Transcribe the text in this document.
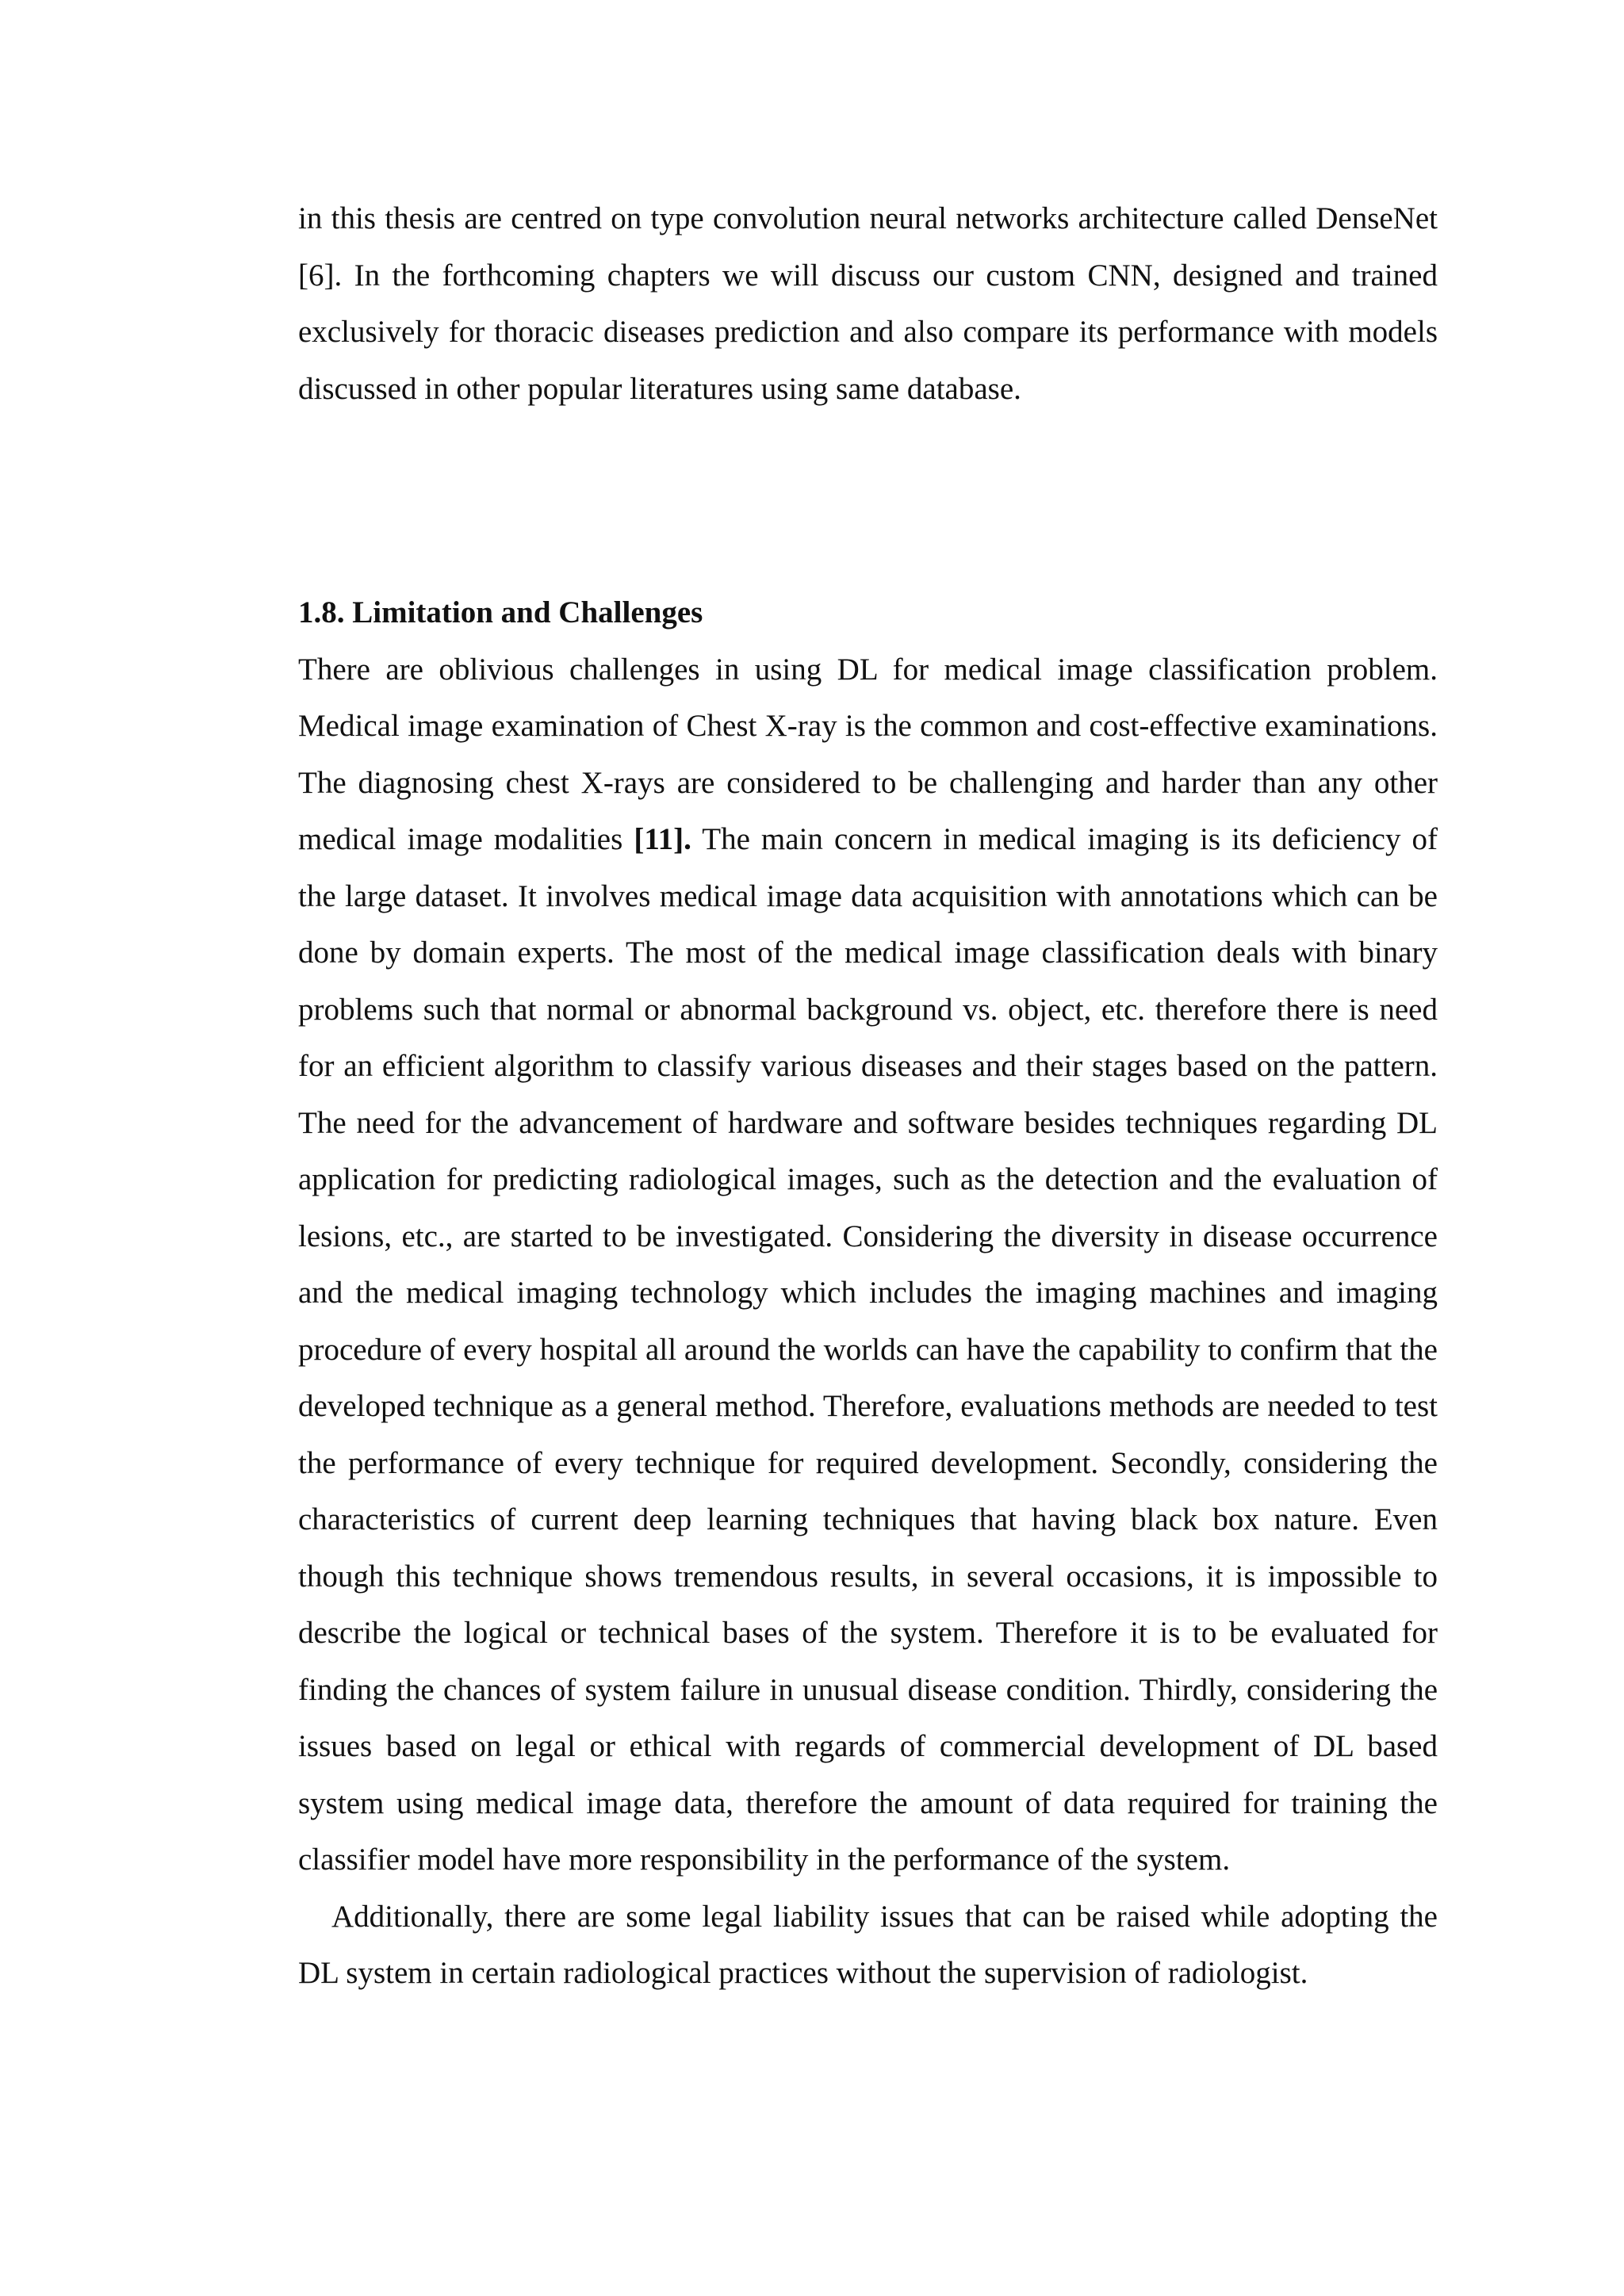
in this thesis are centred on type convolution neural networks architecture called DenseNet [6]. In the forthcoming chapters we will discuss our custom CNN, designed and trained exclusively for thoracic diseases prediction and also compare its performance with models discussed in other popular literatures using same database.

1.8. Limitation and Challenges

There are oblivious challenges in using DL for medical image classification problem. Medical image examination of Chest X-ray is the common and cost-effective examinations. The diagnosing chest X-rays are considered to be challenging and harder than any other medical image modalities [11]. The main concern in medical imaging is its deficiency of the large dataset. It involves medical image data acquisition with annotations which can be done by domain experts. The most of the medical image classification deals with binary problems such that normal or abnormal background vs. object, etc. therefore there is need for an efficient algorithm to classify various diseases and their stages based on the pattern. The need for the advancement of hardware and software besides techniques regarding DL application for predicting radiological images, such as the detection and the evaluation of lesions, etc., are started to be investigated. Considering the diversity in disease occurrence and the medical imaging technology which includes the imaging machines and imaging procedure of every hospital all around the worlds can have the capability to confirm that the developed technique as a general method. Therefore, evaluations methods are needed to test the performance of every technique for required development. Secondly, considering the characteristics of current deep learning techniques that having black box nature. Even though this technique shows tremendous results, in several occasions, it is impossible to describe the logical or technical bases of the system. Therefore it is to be evaluated for finding the chances of system failure in unusual disease condition. Thirdly, considering the issues based on legal or ethical with regards of commercial development of DL based system using medical image data, therefore the amount of data required for training the classifier model have more responsibility in the performance of the system.

Additionally, there are some legal liability issues that can be raised while adopting the DL system in certain radiological practices without the supervision of radiologist.
